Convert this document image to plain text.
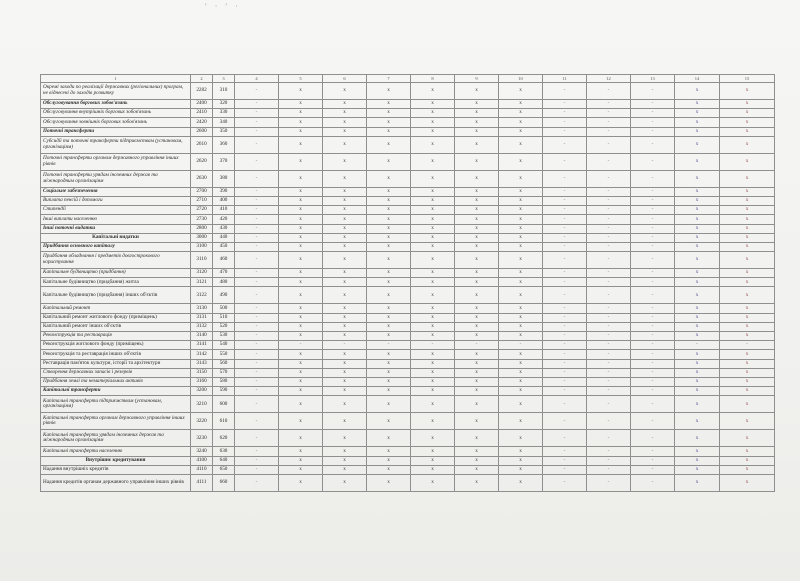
′ · ′ ·
1	2	3	4	5	6	7	8	9	10	11	12	13	14	15
Окремі заходи по реалізації державних (регіональних) програм, не віднесені до заходів розвитку	2282	310	-	x	x	x	x	x	x	-	-	-	x	x
Обслуговування боргових зобов'язань	2400	320	-	x	x	x	x	x	x	-	-	-	x	x
Обслуговування внутрішніх боргових зобов'язань	2410	330	-	x	x	x	x	x	x	-	-	-	x	x
Обслуговування зовнішніх боргових зобов'язань	2420	340	-	x	x	x	x	x	x	-	-	-	x	x
Поточні трансферти	2600	350	-	x	x	x	x	x	x	-	-	-	x	x
Субсидії та поточні трансферти підприємствам (установам, організаціям)	2610	360	-	x	x	x	x	x	x	-	-	-	x	x
Поточні трансферти органам державного управління інших рівнів	2620	370	-	x	x	x	x	x	x	-	-	-	x	x
Поточні трансферти урядам іноземних держав та міжнародним організаціям	2630	380	-	x	x	x	x	x	x	-	-	-	x	x
Соціальне забезпечення	2700	390	-	x	x	x	x	x	x	-	-	-	x	x
Виплата пенсій і допомоги	2710	400	-	x	x	x	x	x	x	-	-	-	x	x
Стипендії	2720	410	-	x	x	x	x	x	x	-	-	-	x	x
Інші виплати населенню	2730	420	-	x	x	x	x	x	x	-	-	-	x	x
Інші поточні видатки	2800	430	-	x	x	x	x	x	x	-	-	-	x	x
Капітальні видатки	3000	440	-	x	x	x	x	x	x	-	-	-	x	x
Придбання основного капіталу	3100	450	-	x	x	x	x	x	x	-	-	-	x	x
Придбання обладнання і предметів довгострокового користування	3110	460	-	x	x	x	x	x	x	-	-	-	x	x
Капітальне будівництво (придбання)	3120	470	-	x	x	x	x	x	x	-	-	-	x	x
Капітальне будівництво (придбання) житла	3121	480	-	x	x	x	x	x	x	-	-	-	x	x
Капітальне будівництво (придбання) інших об'єктів	3122	490	-	x	x	x	x	x	x	-	-	-	x	x
Капітальний ремонт	3130	500	-	x	x	x	x	x	x	-	-	-	x	x
Капітальний ремонт житлового фонду (приміщень)	3131	510	-	x	x	x	x	x	x	-	-	-	x	x
Капітальний ремонт інших об'єктів	3132	520	-	x	x	x	x	x	x	-	-	-	x	x
Реконструкція та реставрація	3140	530	-	x	x	x	x	x	x	-	-	-	x	x
Реконструкція житлового фонду (приміщень)	3141	540	-	-	-	-	-	-	-	-	-	-	-	-
Реконструкція та реставрація інших об'єктів	3142	550	-	x	x	x	x	x	x	-	-	-	x	x
Реставрація пам'яток культури, історії та архітектури	3143	560	-	x	x	x	x	x	x	-	-	-	x	x
Створення державних запасів і резервів	3150	570	-	x	x	x	x	x	x	-	-	-	x	x
Придбання землі та нематеріальних активів	3160	580	-	x	x	x	x	x	x	-	-	-	x	x
Капітальні трансферти	3200	590	-	x	x	x	x	x	x	-	-	-	x	x
Капітальні трансферти підприємствам (установам, організаціям)	3210	600	-	x	x	x	x	x	x	-	-	-	x	x
Капітальні трансферти органам державного управління інших рівнів	3220	610	-	x	x	x	x	x	x	-	-	-	x	x
Капітальні трансферти урядам іноземних держав та міжнародним організаціям	3230	620	-	x	x	x	x	x	x	-	-	-	x	x
Капітальні трансферти населенню	3240	630	-	x	x	x	x	x	x	-	-	-	x	x
Внутрішнє кредитування	4100	640	-	x	x	x	x	x	x	-	-	-	x	x
Надання внутрішніх кредитів	4110	650	-	x	x	x	x	x	x	-	-	-	x	x
Надання кредитів органам державного управління інших рівнів	4111	660	-	x	x	x	x	x	x	-	-	-	x	x
